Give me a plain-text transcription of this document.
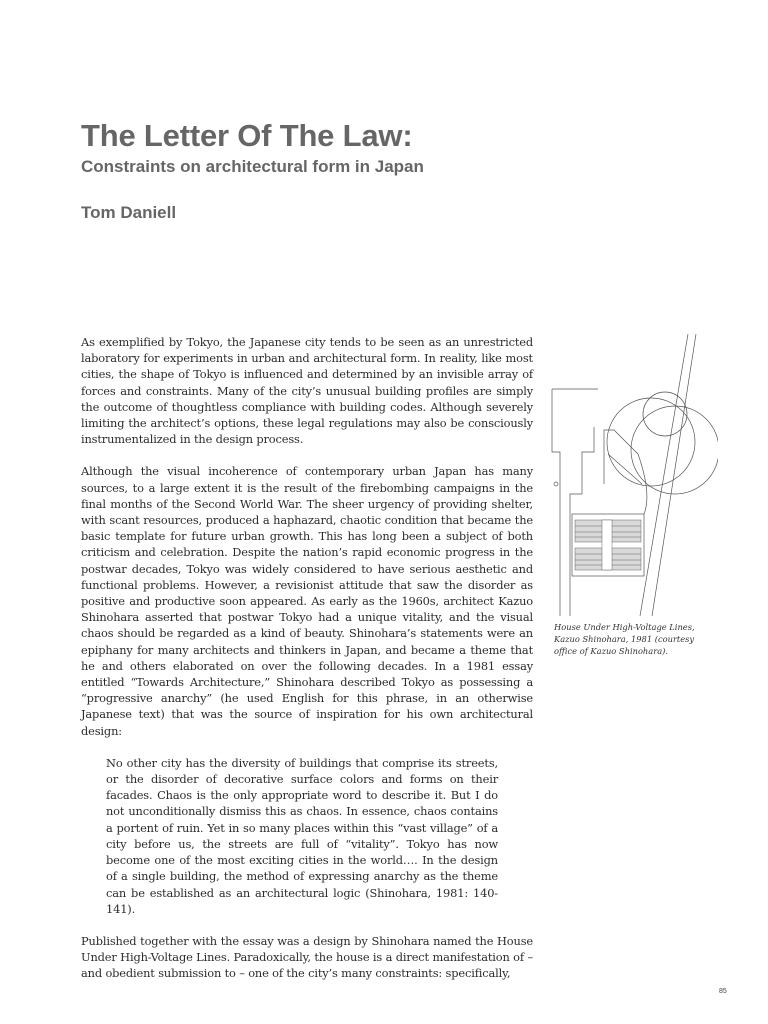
The Letter Of The Law:
Constraints on architectural form in Japan
Tom Daniell

As exemplified by Tokyo, the Japanese city tends to be seen as an unrestricted laboratory for experiments in urban and architectural form. In reality, like most cities, the shape of Tokyo is influenced and determined by an invisible array of forces and constraints. Many of the city’s unusual building profiles are simply the outcome of thoughtless compliance with building codes. Although severely limiting the architect’s options, these legal regulations may also be consciously instrumentalized in the design process.

Although the visual incoherence of contemporary urban Japan has many sources, to a large extent it is the result of the firebombing campaigns in the final months of the Second World War. The sheer urgency of providing shelter, with scant resources, produced a haphazard, chaotic condition that became the basic template for future urban growth. This has long been a subject of both criticism and celebration. Despite the nation’s rapid economic progress in the postwar decades, Tokyo was widely considered to have serious aesthetic and functional problems. However, a revisionist attitude that saw the disorder as positive and productive soon appeared. As early as the 1960s, architect Kazuo Shinohara asserted that postwar Tokyo had a unique vitality, and the visual chaos should be regarded as a kind of beauty. Shinohara’s statements were an epiphany for many architects and thinkers in Japan, and became a theme that he and others elaborated on over the following decades. In a 1981 essay entitled “Towards Architecture,” Shinohara described Tokyo as possessing a “progressive anarchy” (he used English for this phrase, in an otherwise Japanese text) that was the source of inspiration for his own architectural design:

No other city has the diversity of buildings that comprise its streets, or the disorder of decorative surface colors and forms on their facades. Chaos is the only appropriate word to describe it. But I do not unconditionally dismiss this as chaos. In essence, chaos contains a portent of ruin. Yet in so many places within this “vast village” of a city before us, the streets are full of “vitality”. Tokyo has now become one of the most exciting cities in the world…. In the design of a single building, the method of expressing anarchy as the theme can be established as an architectural logic (Shinohara, 1981: 140-141).

Published together with the essay was a design by Shinohara named the House Under High-Voltage Lines. Paradoxically, the house is a direct manifestation of – and obedient submission to – one of the city’s many constraints: specifically,

House Under High-Voltage Lines, Kazuo Shinohara, 1981 (courtesy office of Kazuo Shinohara).
85
